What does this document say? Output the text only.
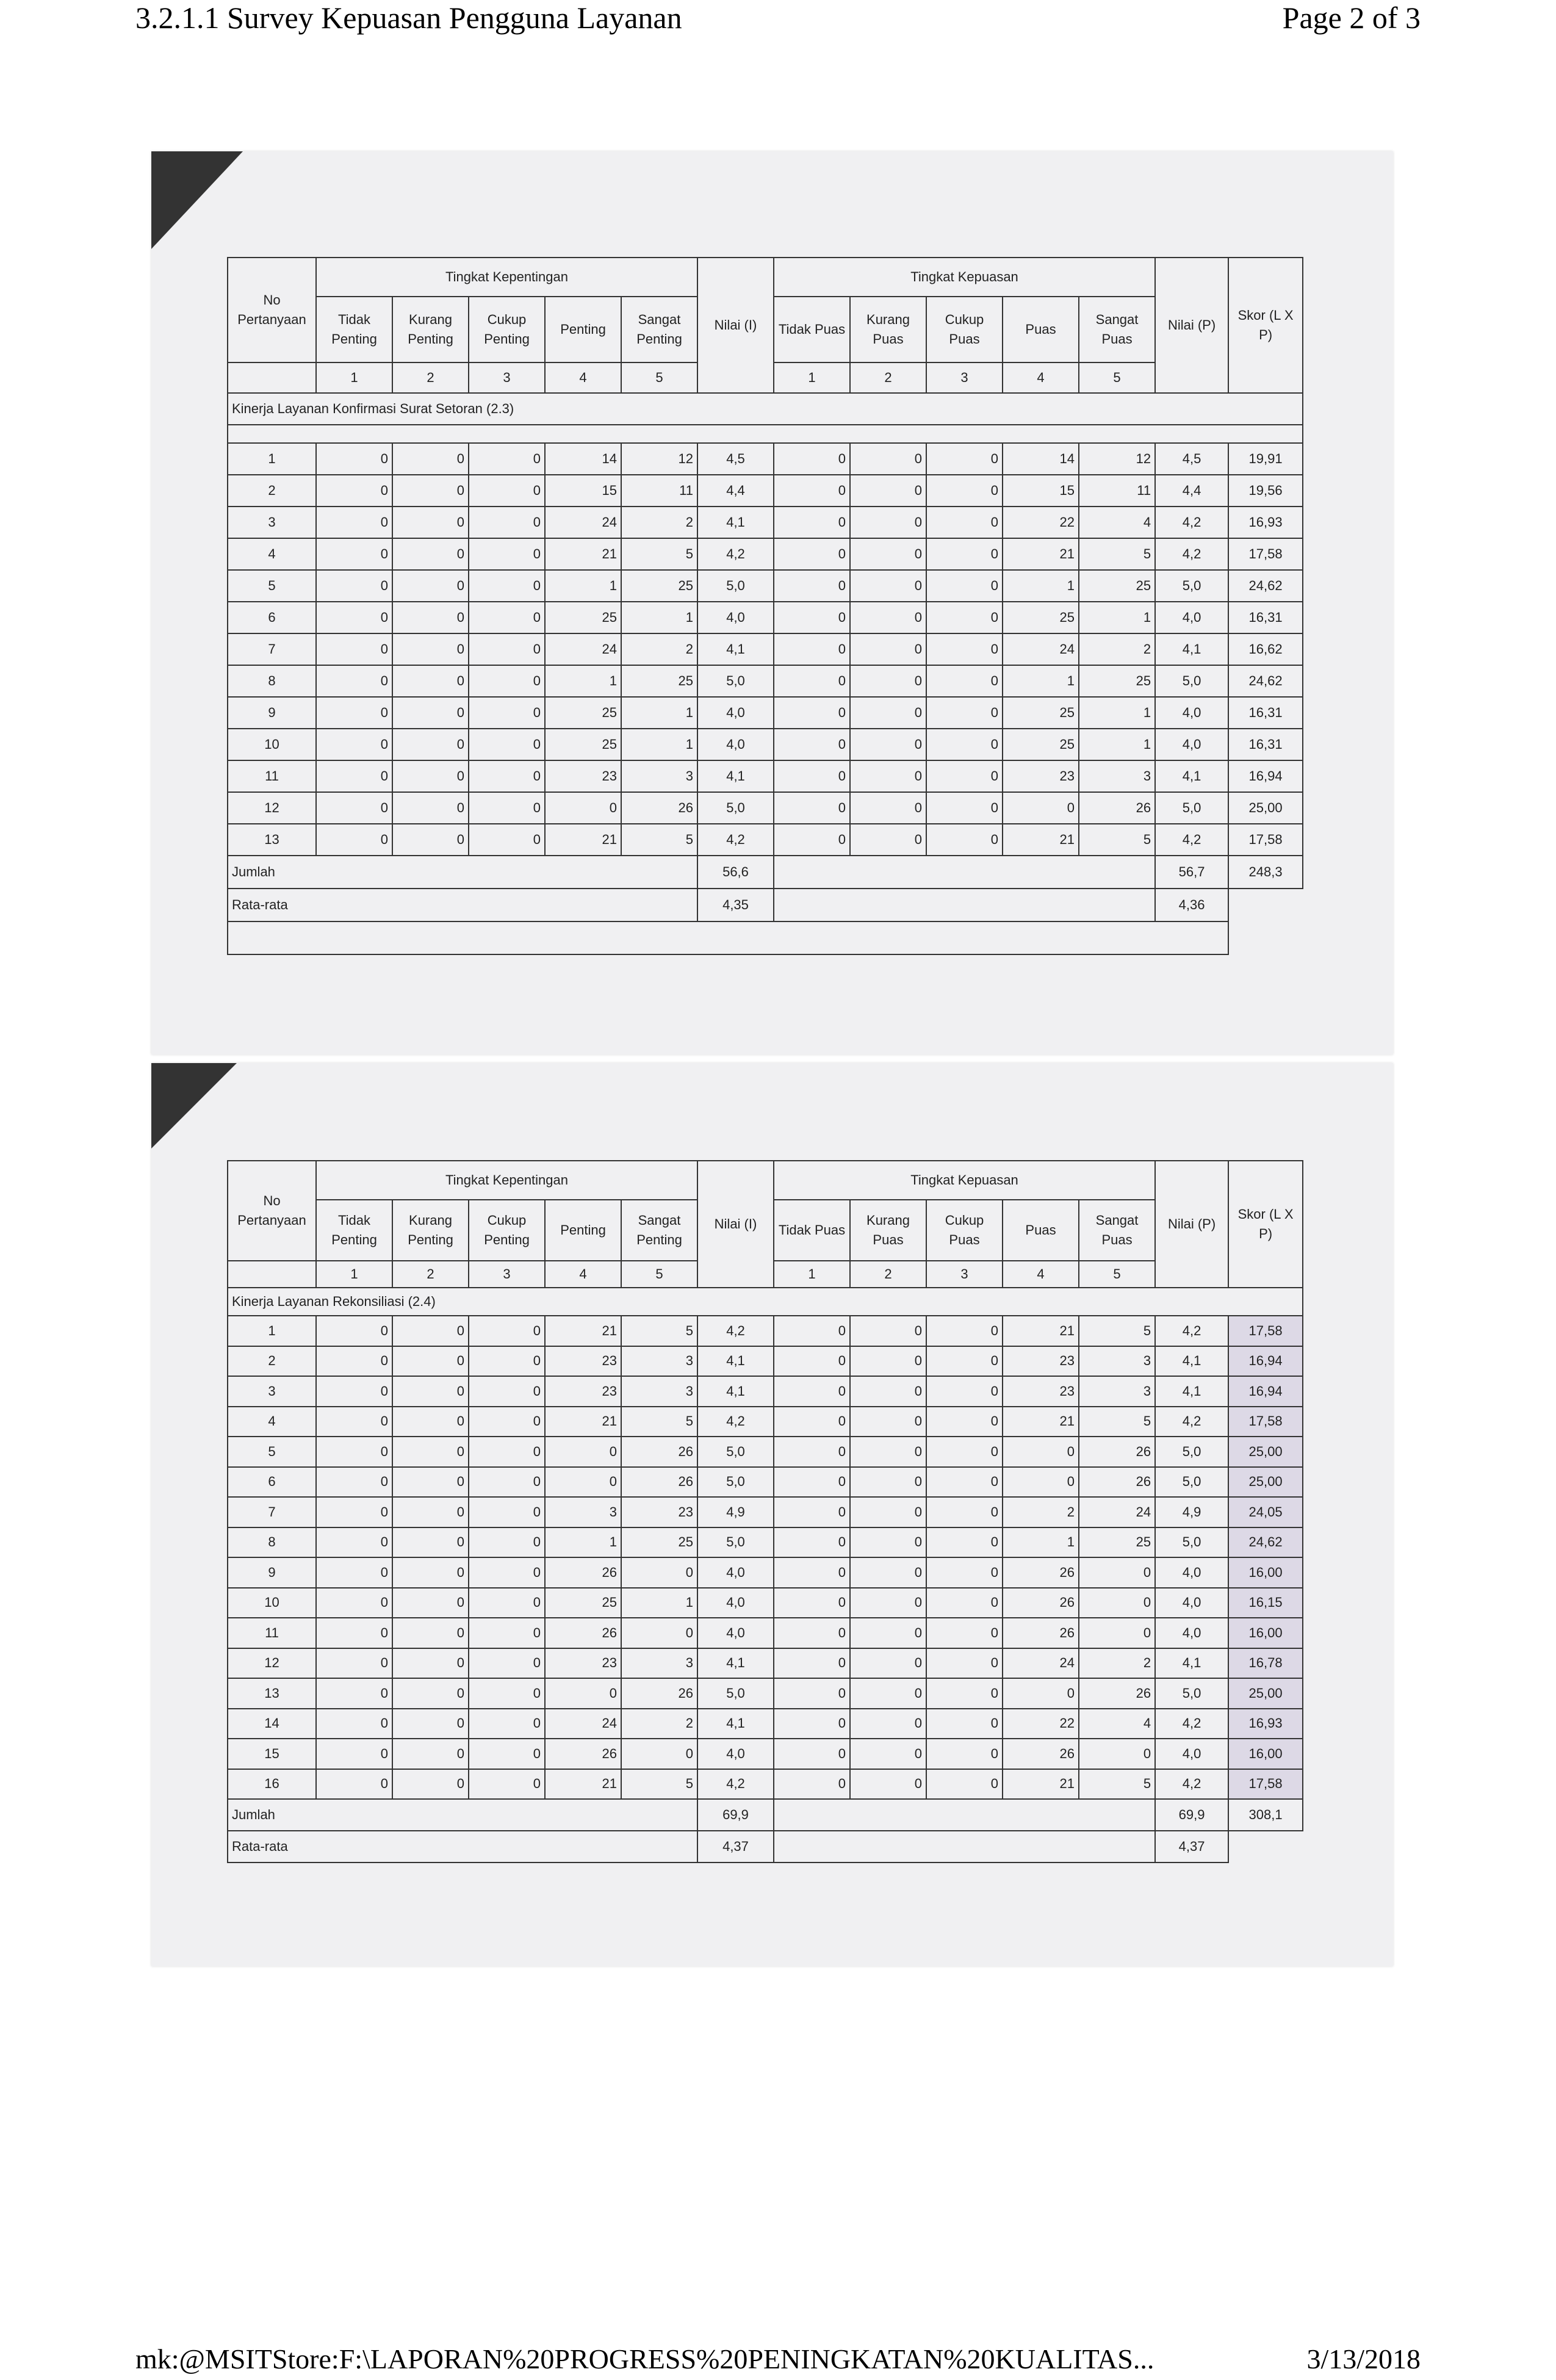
3.2.1.1 Survey Kepuasan Pengguna Layanan	Page 2 of 3
No Pertanyaan	Tingkat Kepentingan					Nilai (I)	Tingkat Kepuasan					Nilai (P)	Skor (L X P)
	Tidak Penting	Kurang Penting	Cukup Penting	Penting	Sangat Penting		Tidak Puas	Kurang Puas	Cukup Puas	Puas	Sangat Puas		
	1	2	3	4	5		1	2	3	4	5		
Kinerja Layanan Konfirmasi Surat Setoran (2.3)													

1	0	0	0	14	12	4,5	0	0	0	14	12	4,5	19,91
2	0	0	0	15	11	4,4	0	0	0	15	11	4,4	19,56
3	0	0	0	24	2	4,1	0	0	0	22	4	4,2	16,93
4	0	0	0	21	5	4,2	0	0	0	21	5	4,2	17,58
5	0	0	0	1	25	5,0	0	0	0	1	25	5,0	24,62
6	0	0	0	25	1	4,0	0	0	0	25	1	4,0	16,31
7	0	0	0	24	2	4,1	0	0	0	24	2	4,1	16,62
8	0	0	0	1	25	5,0	0	0	0	1	25	5,0	24,62
9	0	0	0	25	1	4,0	0	0	0	25	1	4,0	16,31
10	0	0	0	25	1	4,0	0	0	0	25	1	4,0	16,31
11	0	0	0	23	3	4,1	0	0	0	23	3	4,1	16,94
12	0	0	0	0	26	5,0	0	0	0	0	26	5,0	25,00
13	0	0	0	21	5	4,2	0	0	0	21	5	4,2	17,58
Jumlah						56,6						56,7	248,3
Rata-rata						4,35						4,36	

No Pertanyaan	Tingkat Kepentingan					Nilai (I)	Tingkat Kepuasan					Nilai (P)	Skor (L X P)
	Tidak Penting	Kurang Penting	Cukup Penting	Penting	Sangat Penting		Tidak Puas	Kurang Puas	Cukup Puas	Puas	Sangat Puas		
	1	2	3	4	5		1	2	3	4	5		
Kinerja Layanan Rekonsiliasi (2.4)													
1	0	0	0	21	5	4,2	0	0	0	21	5	4,2	17,58
2	0	0	0	23	3	4,1	0	0	0	23	3	4,1	16,94
3	0	0	0	23	3	4,1	0	0	0	23	3	4,1	16,94
4	0	0	0	21	5	4,2	0	0	0	21	5	4,2	17,58
5	0	0	0	0	26	5,0	0	0	0	0	26	5,0	25,00
6	0	0	0	0	26	5,0	0	0	0	0	26	5,0	25,00
7	0	0	0	3	23	4,9	0	0	0	2	24	4,9	24,05
8	0	0	0	1	25	5,0	0	0	0	1	25	5,0	24,62
9	0	0	0	26	0	4,0	0	0	0	26	0	4,0	16,00
10	0	0	0	25	1	4,0	0	0	0	26	0	4,0	16,15
11	0	0	0	26	0	4,0	0	0	0	26	0	4,0	16,00
12	0	0	0	23	3	4,1	0	0	0	24	2	4,1	16,78
13	0	0	0	0	26	5,0	0	0	0	0	26	5,0	25,00
14	0	0	0	24	2	4,1	0	0	0	22	4	4,2	16,93
15	0	0	0	26	0	4,0	0	0	0	26	0	4,0	16,00
16	0	0	0	21	5	4,2	0	0	0	21	5	4,2	17,58
Jumlah						69,9						69,9	308,1
Rata-rata						4,37						4,37	
mk:@MSITStore:F:\LAPORAN%20PROGRESS%20PENINGKATAN%20KUALITAS...	3/13/2018
